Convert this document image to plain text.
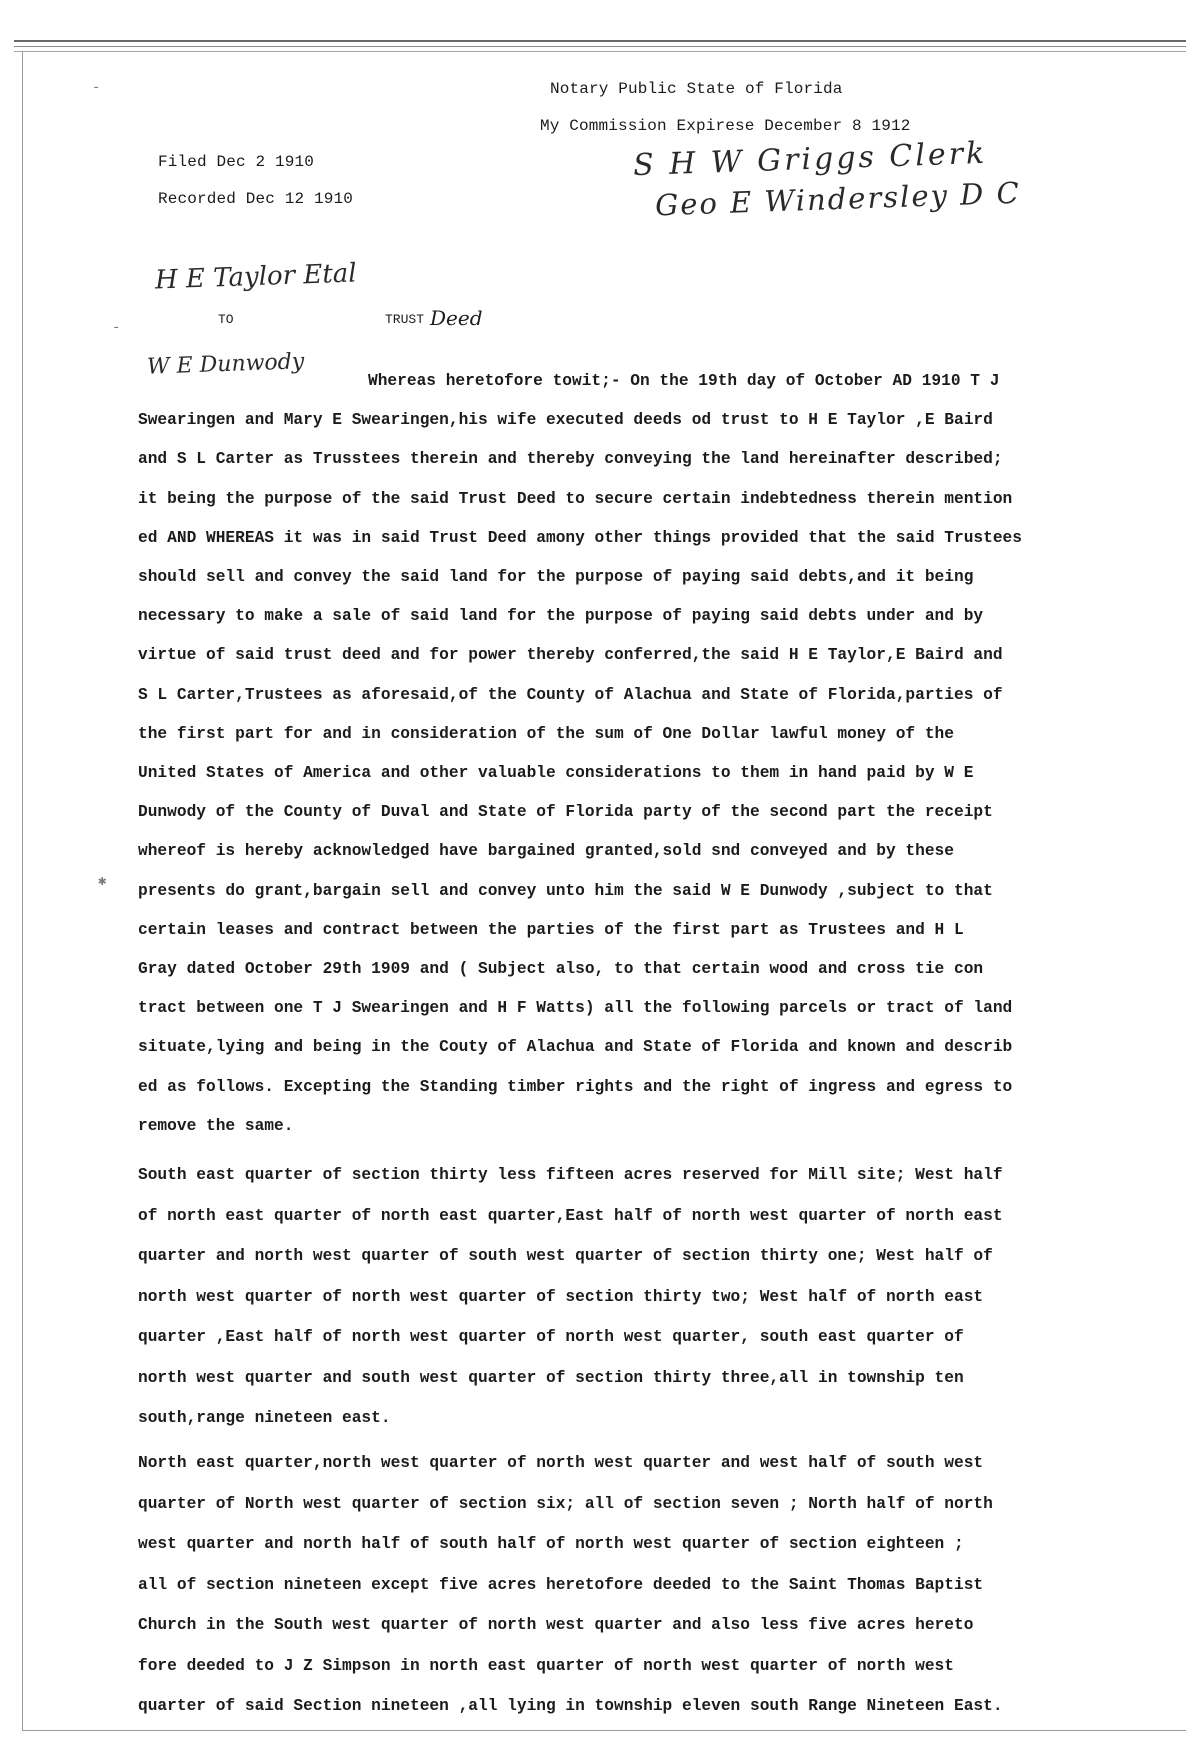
-
-
✱
Notary Public State of Florida
My Commission Expirese December 8 1912
Filed Dec 2 1910
Recorded Dec 12 1910
S H W Griggs Clerk
Geo E Windersley D C
H E Taylor Etal
TO	TRUST Deed
W E Dunwody
Whereas heretofore towit;- On the 19th day of October AD 1910 T J
Swearingen and Mary E Swearingen,his wife executed deeds od trust to H E Taylor ,E Baird
and S L Carter as Trusstees therein and thereby conveying the land hereinafter described;
it being the purpose of the said Trust Deed to secure certain indebtedness therein mention
ed AND WHEREAS it was in said Trust Deed amony other things provided that the said Trustees
should sell and convey the said land for the purpose of paying said debts,and it being
necessary to make a sale of said land for the purpose of paying said debts under and by
virtue of said trust deed and for power thereby conferred,the said H E Taylor,E Baird and
S L Carter,Trustees as aforesaid,of the County of Alachua and State of Florida,parties of
the first part for and in consideration of the sum of One Dollar lawful money of the
United States of America and other valuable considerations to them in hand paid by W E
Dunwody of the County of Duval and State of Florida party of the second part the receipt
whereof is hereby acknowledged have bargained granted,sold snd conveyed and by these
presents do grant,bargain sell and convey unto him the said W E Dunwody ,subject to that
certain leases and contract between the parties of the first part as Trustees and H L
Gray dated October 29th 1909 and ( Subject also, to that certain wood and cross tie con
tract between one T J Swearingen and H F Watts) all the following parcels or tract of land
situate,lying and being in the Couty of Alachua and State of Florida and known and describ
ed as follows. Excepting the Standing timber rights and the right of ingress and egress to
remove the same.
South east quarter of section thirty less fifteen acres reserved for Mill site; West half
of north east quarter of north east quarter,East half of north west quarter of north east
quarter and north west quarter of south west quarter of section thirty one; West half of
north west quarter of north west quarter of section thirty two; West half of north east
quarter ,East half of north west quarter of north west quarter, south east quarter of
north west quarter and south west quarter of section thirty three,all in township ten
south,range nineteen east.
North east quarter,north west quarter of north west quarter and west half of south west
quarter of North west quarter of section six; all of section seven ; North half of north
west quarter and north half of south half of north west quarter of section eighteen ;
all of section nineteen except five acres heretofore deeded to the Saint Thomas Baptist
Church in the South west quarter of north west quarter and also less five acres hereto
fore deeded to J Z Simpson in north east quarter of north west quarter of north west
quarter of said Section nineteen ,all lying in township eleven south Range Nineteen East.
